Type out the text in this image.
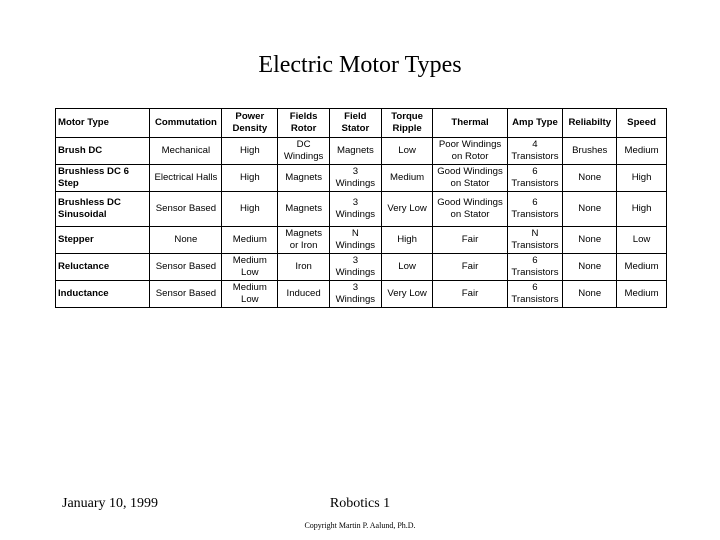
Electric Motor Types
Motor Type	Commutation	Power Density	Fields Rotor	Field Stator	Torque Ripple	Thermal	Amp Type	Reliabilty	Speed
Brush DC	Mechanical	High	DC Windings	Magnets	Low	Poor Windings on Rotor	4 Transistors	Brushes	Medium
Brushless DC 6 Step	Electrical Halls	High	Magnets	3 Windings	Medium	Good Windings on Stator	6 Transistors	None	High
Brushless DC Sinusoidal	Sensor Based	High	Magnets	3 Windings	Very Low	Good Windings on Stator	6 Transistors	None	High
Stepper	None	Medium	Magnets or Iron	N Windings	High	Fair	N Transistors	None	Low
Reluctance	Sensor Based	Medium Low	Iron	3 Windings	Low	Fair	6 Transistors	None	Medium
Inductance	Sensor Based	Medium Low	Induced	3 Windings	Very Low	Fair	6 Transistors	None	Medium
January 10, 1999	Robotics 1
Copyright Martin P. Aalund, Ph.D.
